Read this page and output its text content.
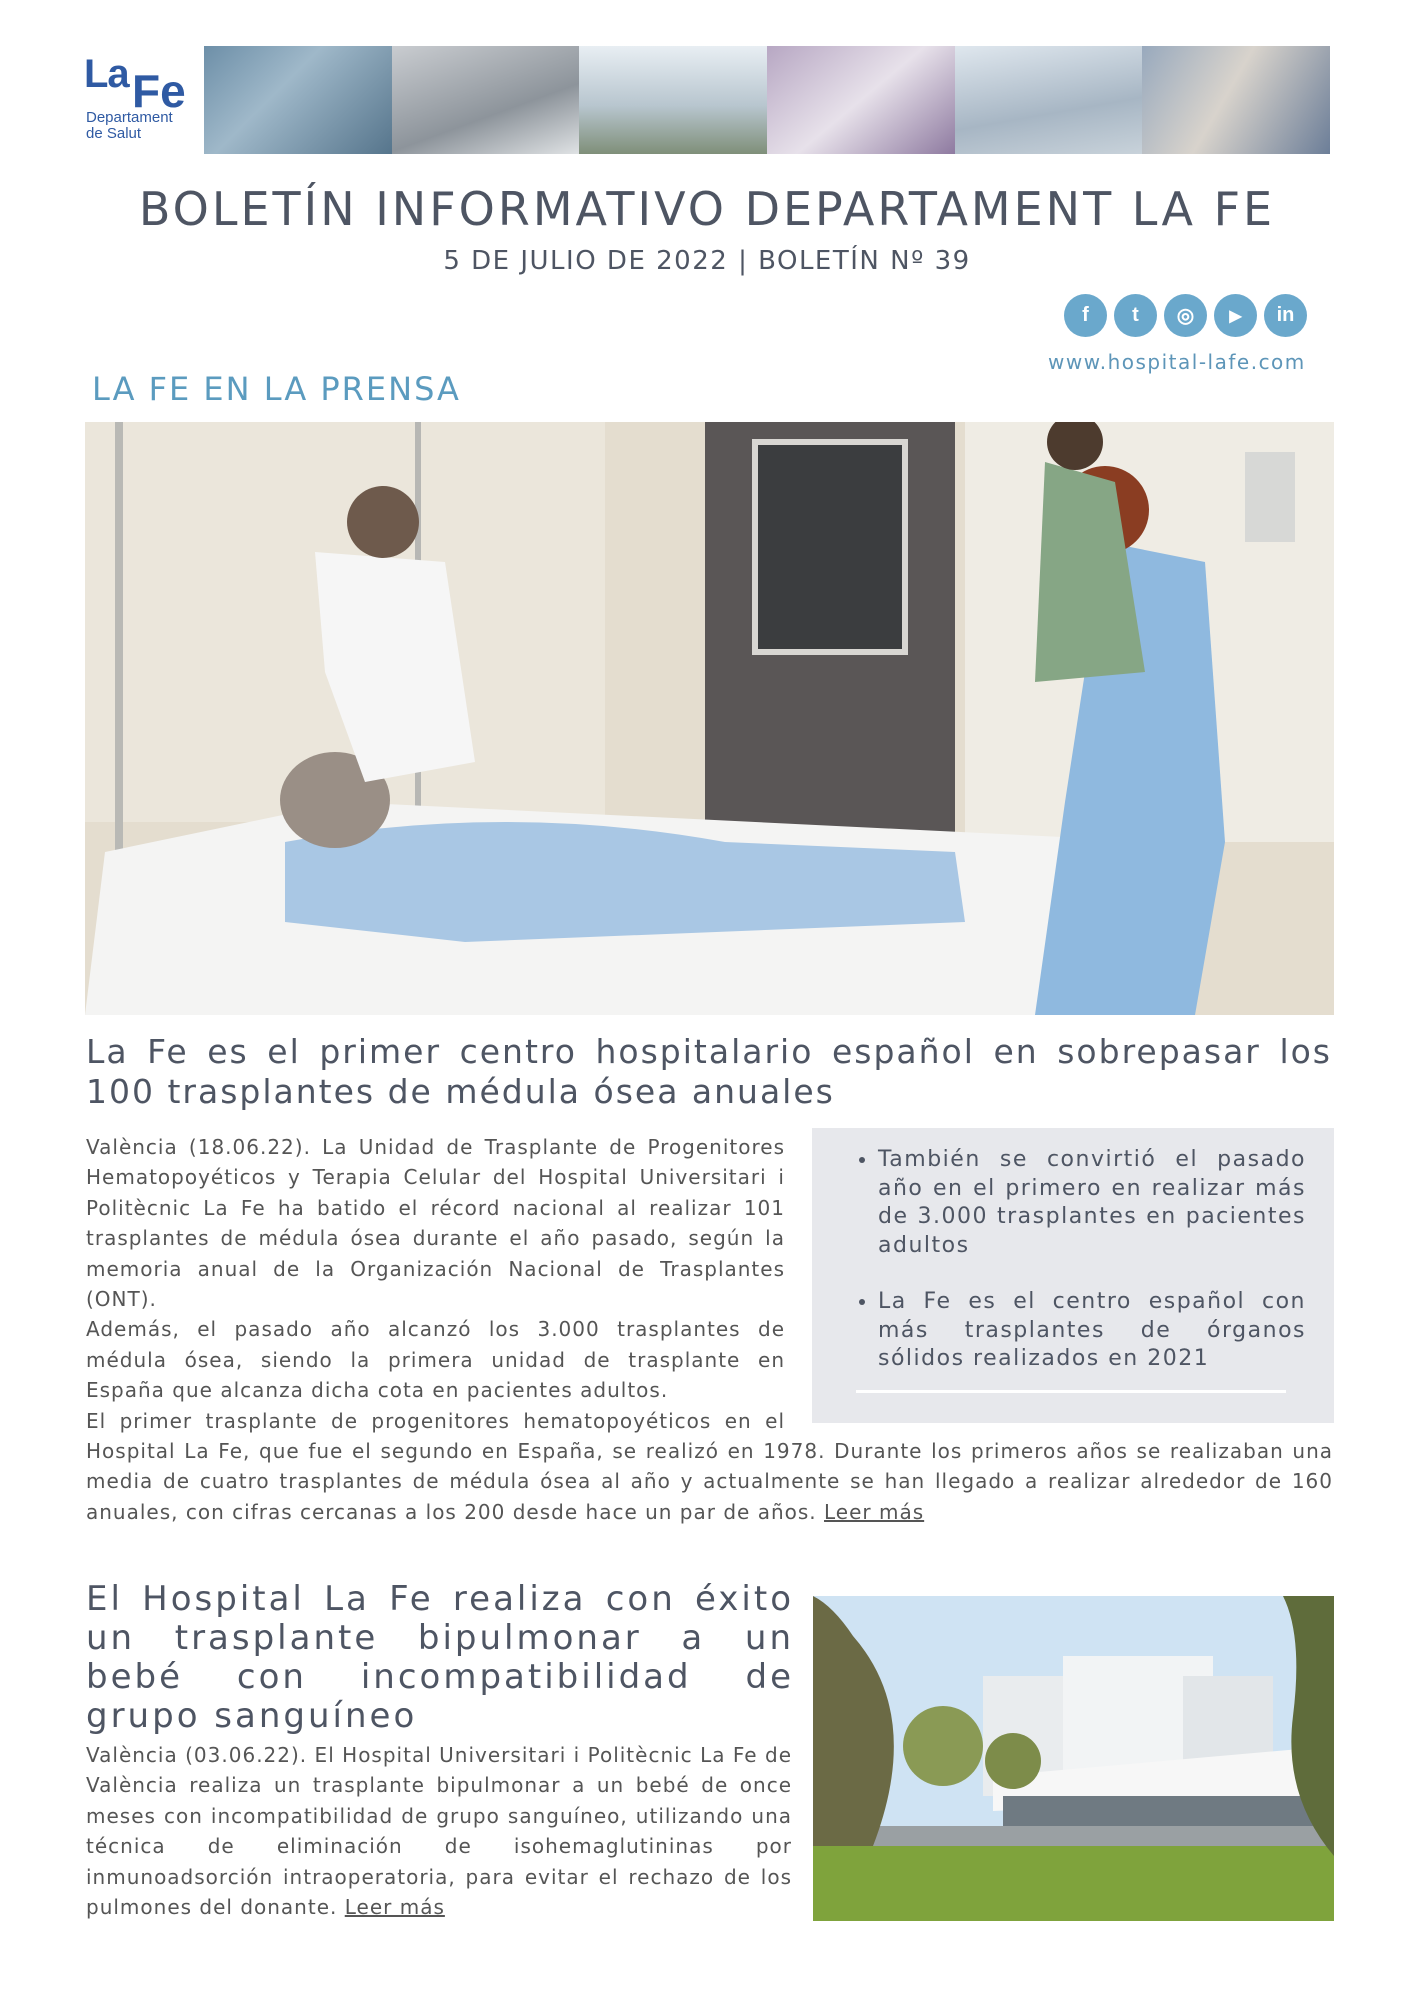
La Fe
Departament
de Salut
BOLETÍN INFORMATIVO DEPARTAMENT LA FE
5 DE JULIO DE 2022 | BOLETÍN Nº 39
f	t	◎	▶	in
www.hospital-lafe.com
LA FE EN LA PRENSA
La Fe es el primer centro hospitalario español en sobrepasar los 100 trasplantes de médula ósea anuales

València (18.06.22). La Unidad de Trasplante de Progenitores Hematopoyéticos y Terapia Celular del Hospital Universitari i Politècnic La Fe ha batido el récord nacional al realizar 101 trasplantes de médula ósea durante el año pasado, según la memoria anual de la Organización Nacional de Trasplantes (ONT).

Además, el pasado año alcanzó los 3.000 trasplantes de médula ósea, siendo la primera unidad de trasplante en España que alcanza dicha cota en pacientes adultos.

El primer trasplante de progenitores hematopoyéticos en el Hospital La Fe, que fue el segundo en España, se realizó en 1978. Durante los primeros años se realizaban una media de cuatro trasplantes de médula ósea al año y actualmente se han llegado a realizar alrededor de 160 anuales, con cifras cercanas a los 200 desde hace un par de años. Leer más

• También se convirtió el pasado año en el primero en realizar más de 3.000 trasplantes en pacientes adultos
• La Fe es el centro español con más trasplantes de órganos sólidos realizados en 2021
El Hospital La Fe realiza con éxito un trasplante bipulmonar a un bebé con incompatibilidad de grupo sanguíneo
València (03.06.22). El Hospital Universitari i Politècnic La Fe de València realiza un trasplante bipulmonar a un bebé de once meses con incompatibilidad de grupo sanguíneo, utilizando una técnica de eliminación de isohemaglutininas por inmunoadsorción intraoperatoria, para evitar el rechazo de los pulmones del donante. Leer más
